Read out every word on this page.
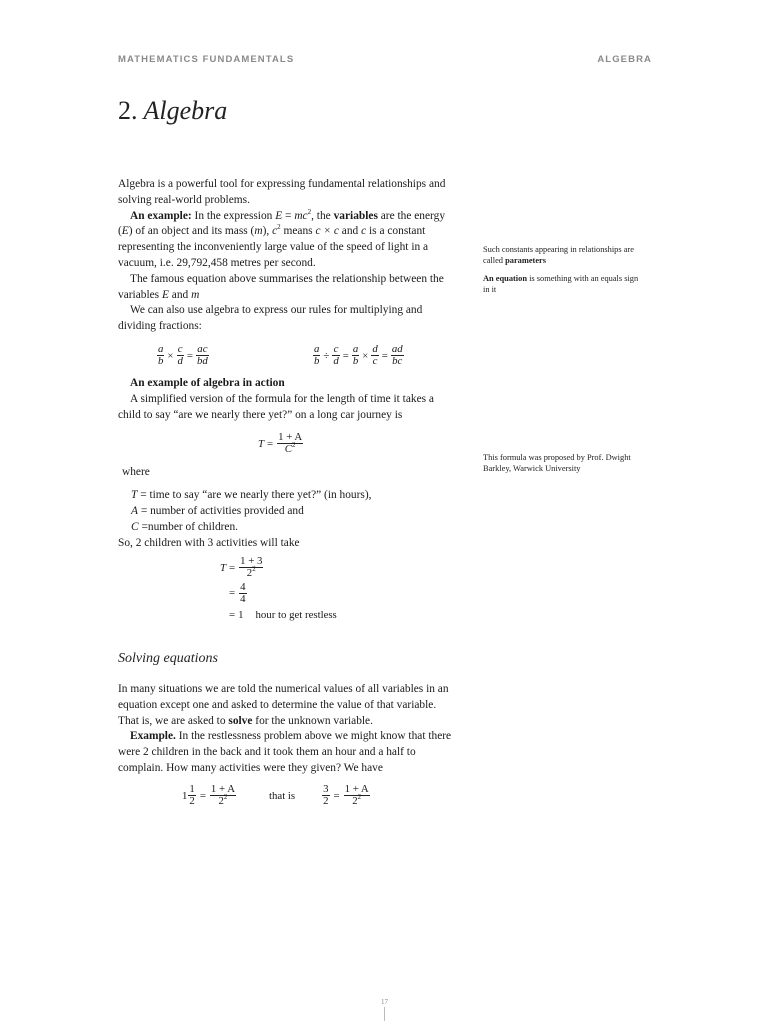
MATHEMATICS FUNDAMENTALS	ALGEBRA
2. Algebra

Algebra is a powerful tool for expressing fundamental relationships and solving real-world problems.

An example: In the expression $E = mc^2$, the variables are the energy (E) of an object and its mass (m), $c^2$ means c × c and c is a constant representing the inconveniently large value of the speed of light in a vacuum, i.e. 29,792,458 metres per second.

The famous equation above summarises the relationship between the variables E and m

We can also use algebra to express our rules for multiplying and dividing fractions:

$\frac{a}{b} \times \frac{c}{d} = \frac{ac}{bd}$	$\frac{a}{b} \div \frac{c}{d} = \frac{a}{b} \times \frac{d}{c} = \frac{ad}{bc}$

An example of algebra in action

A simplified version of the formula for the length of time it takes a child to say “are we nearly there yet?” on a long car journey is

$T = \frac{1 + A}{C^2}$
where

T = time to say “are we nearly there yet?” (in hours),

A = number of activities provided and

C =number of children.

So, 2 children with 3 activities will take
$T = \frac{1 + 3}{2^2}$
= $\frac{4}{4}$
= 1 hour to get restless
Solving equations

In many situations we are told the numerical values of all variables in an equation except one and asked to determine the value of that variable. That is, we are asked to solve for the unknown variable.

Example. In the restlessness problem above we might know that there were 2 children in the back and it took them an hour and a half to complain. How many activities were they given? We have

$1 \frac{1}{2} = \frac{1 + A}{2^2}$	that is	$\frac{3}{2} = \frac{1 + A}{2^2}$

Such constants appearing in relationships are called parameters

An equation is something with an equals sign in it

This formula was proposed by Prof. Dwight Barkley, Warwick University
17
